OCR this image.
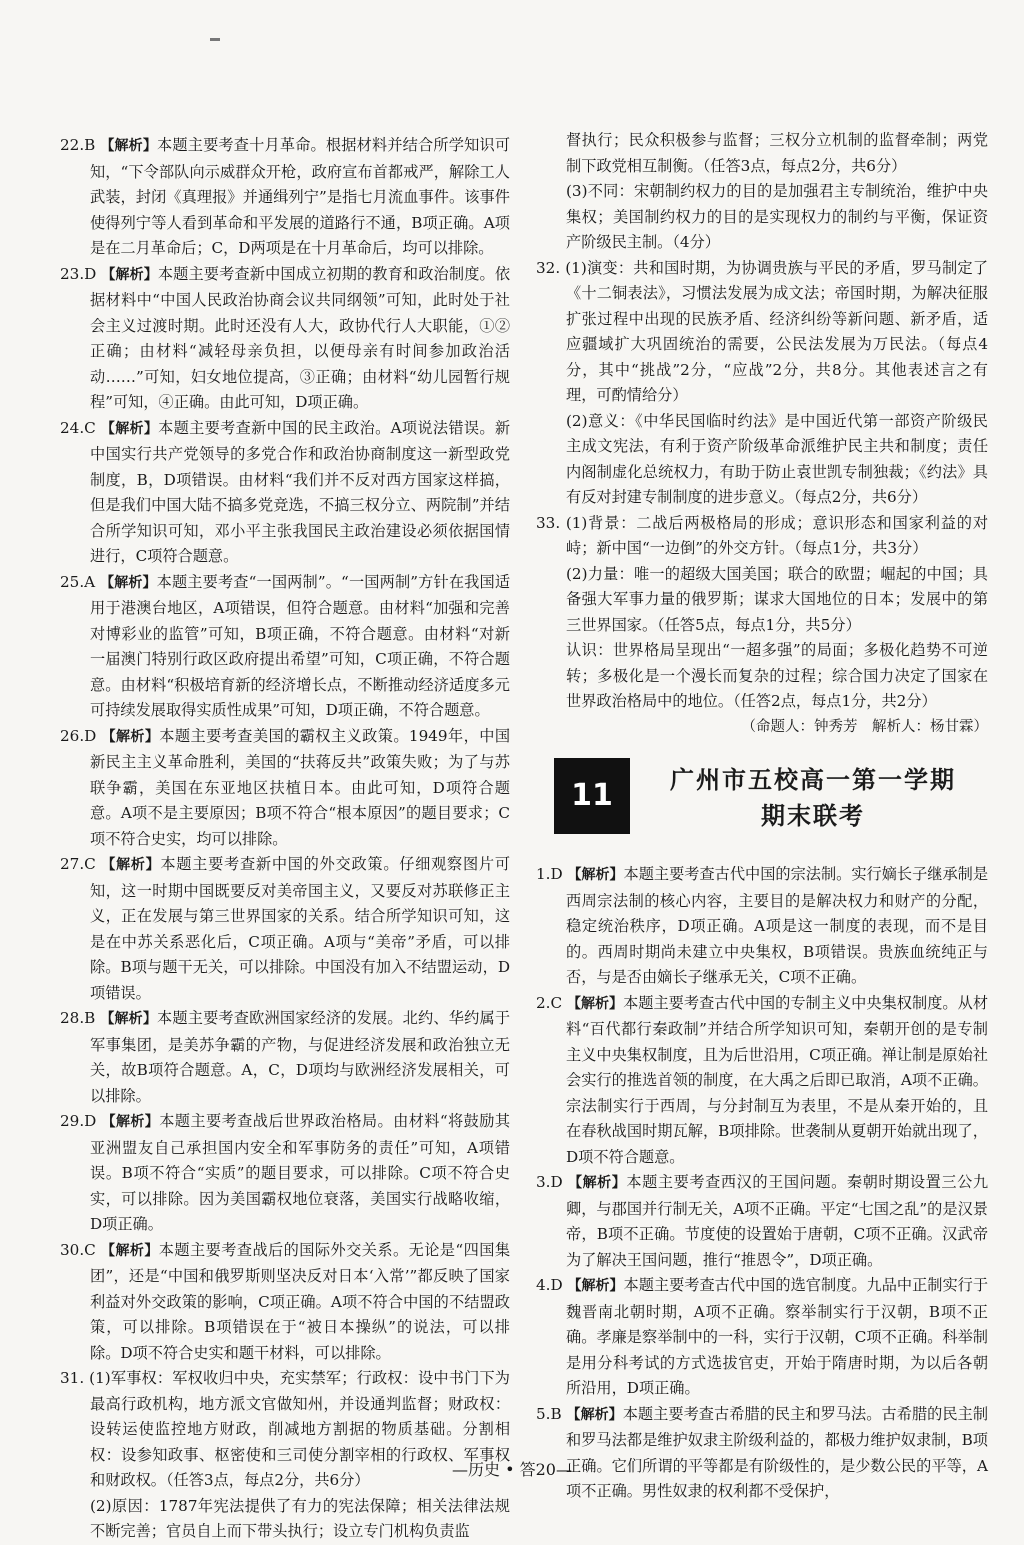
22.B 【解析】本题主要考查十月革命。根据材料并结合所学知识可知，“下令部队向示威群众开枪，政府宣布首都戒严，解除工人武装，封闭《真理报》并通缉列宁”是指七月流血事件。该事件使得列宁等人看到革命和平发展的道路行不通，B项正确。A项是在二月革命后；C，D两项是在十月革命后，均可以排除。

23.D 【解析】本题主要考查新中国成立初期的教育和政治制度。依据材料中“中国人民政治协商会议共同纲领”可知，此时处于社会主义过渡时期。此时还没有人大，政协代行人大职能，①②正确；由材料“减轻母亲负担，以便母亲有时间参加政治活动……”可知，妇女地位提高，③正确；由材料“幼儿园暂行规程”可知，④正确。由此可知，D项正确。

24.C 【解析】本题主要考查新中国的民主政治。A项说法错误。新中国实行共产党领导的多党合作和政治协商制度这一新型政党制度，B，D项错误。由材料“我们并不反对西方国家这样搞，但是我们中国大陆不搞多党竞选，不搞三权分立、两院制”并结合所学知识可知，邓小平主张我国民主政治建设必须依据国情进行，C项符合题意。

25.A 【解析】本题主要考查“一国两制”。“一国两制”方针在我国适用于港澳台地区，A项错误，但符合题意。由材料“加强和完善对博彩业的监管”可知，B项正确，不符合题意。由材料“对新一届澳门特别行政区政府提出希望”可知，C项正确，不符合题意。由材料“积极培育新的经济增长点，不断推动经济适度多元可持续发展取得实质性成果”可知，D项正确，不符合题意。

26.D 【解析】本题主要考查美国的霸权主义政策。1949年，中国新民主主义革命胜利，美国的“扶蒋反共”政策失败；为了与苏联争霸，美国在东亚地区扶植日本。由此可知，D项符合题意。A项不是主要原因；B项不符合“根本原因”的题目要求；C项不符合史实，均可以排除。

27.C 【解析】本题主要考查新中国的外交政策。仔细观察图片可知，这一时期中国既要反对美帝国主义，又要反对苏联修正主义，正在发展与第三世界国家的关系。结合所学知识可知，这是在中苏关系恶化后，C项正确。A项与“美帝”矛盾，可以排除。B项与题干无关，可以排除。中国没有加入不结盟运动，D项错误。

28.B 【解析】本题主要考查欧洲国家经济的发展。北约、华约属于军事集团，是美苏争霸的产物，与促进经济发展和政治独立无关，故B项符合题意。A，C，D项均与欧洲经济发展相关，可以排除。

29.D 【解析】本题主要考查战后世界政治格局。由材料“将鼓励其亚洲盟友自己承担国内安全和军事防务的责任”可知，A项错误。B项不符合“实质”的题目要求，可以排除。C项不符合史实，可以排除。因为美国霸权地位衰落，美国实行战略收缩，D项正确。

30.C 【解析】本题主要考查战后的国际外交关系。无论是“四国集团”，还是“中国和俄罗斯则坚决反对日本‘入常’”都反映了国家利益对外交政策的影响，C项正确。A项不符合中国的不结盟政策，可以排除。B项错误在于“被日本操纵”的说法，可以排除。D项不符合史实和题干材料，可以排除。

31. (1)军事权：军权收归中央，充实禁军；行政权：设中书门下为最高行政机构，地方派文官做知州，并设通判监督；财政权：设转运使监控地方财政，削减地方割据的物质基础。分割相权：设参知政事、枢密使和三司使分割宰相的行政权、军事权和财政权。（任答3点，每点2分，共6分）

(2)原因：1787年宪法提供了有力的宪法保障；相关法律法规不断完善；官员自上而下带头执行；设立专门机构负责监

督执行；民众积极参与监督；三权分立机制的监督牵制；两党制下政党相互制衡。（任答3点，每点2分，共6分）

(3)不同：宋朝制约权力的目的是加强君主专制统治，维护中央集权；美国制约权力的目的是实现权力的制约与平衡，保证资产阶级民主制。（4分）

32. (1)演变：共和国时期，为协调贵族与平民的矛盾，罗马制定了《十二铜表法》，习惯法发展为成文法；帝国时期，为解决征服扩张过程中出现的民族矛盾、经济纠纷等新问题、新矛盾，适应疆域扩大巩固统治的需要，公民法发展为万民法。（每点4分，其中“挑战”2分，“应战”2分，共8分。其他表述言之有理，可酌情给分）

(2)意义：《中华民国临时约法》是中国近代第一部资产阶级民主成文宪法，有利于资产阶级革命派维护民主共和制度；责任内阁制虚化总统权力，有助于防止袁世凯专制独裁；《约法》具有反对封建专制制度的进步意义。（每点2分，共6分）

33. (1)背景：二战后两极格局的形成；意识形态和国家利益的对峙；新中国“一边倒”的外交方针。（每点1分，共3分）

(2)力量：唯一的超级大国美国；联合的欧盟；崛起的中国；具备强大军事力量的俄罗斯；谋求大国地位的日本；发展中的第三世界国家。（任答5点，每点1分，共5分）

认识：世界格局呈现出“一超多强”的局面；多极化趋势不可逆转；多极化是一个漫长而复杂的过程；综合国力决定了国家在世界政治格局中的地位。（任答2点，每点1分，共2分）

（命题人：钟秀芳　解析人：杨甘霖）

11	广州市五校高一第一学期
期末联考

1.D 【解析】本题主要考查古代中国的宗法制。实行嫡长子继承制是西周宗法制的核心内容，主要目的是解决权力和财产的分配，稳定统治秩序，D项正确。A项是这一制度的表现，而不是目的。西周时期尚未建立中央集权，B项错误。贵族血统纯正与否，与是否由嫡长子继承无关，C项不正确。

2.C 【解析】本题主要考查古代中国的专制主义中央集权制度。从材料“百代都行秦政制”并结合所学知识可知，秦朝开创的是专制主义中央集权制度，且为后世沿用，C项正确。禅让制是原始社会实行的推选首领的制度，在大禹之后即已取消，A项不正确。宗法制实行于西周，与分封制互为表里，不是从秦开始的，且在春秋战国时期瓦解，B项排除。世袭制从夏朝开始就出现了，D项不符合题意。

3.D 【解析】本题主要考查西汉的王国问题。秦朝时期设置三公九卿，与郡国并行制无关，A项不正确。平定“七国之乱”的是汉景帝，B项不正确。节度使的设置始于唐朝，C项不正确。汉武帝为了解决王国问题，推行“推恩令”，D项正确。

4.D 【解析】本题主要考查古代中国的选官制度。九品中正制实行于魏晋南北朝时期，A项不正确。察举制实行于汉朝，B项不正确。孝廉是察举制中的一科，实行于汉朝，C项不正确。科举制是用分科考试的方式选拔官吏，开始于隋唐时期，为以后各朝所沿用，D项正确。

5.B 【解析】本题主要考查古希腊的民主和罗马法。古希腊的民主制和罗马法都是维护奴隶主阶级利益的，都极力维护奴隶制，B项正确。它们所谓的平等都是有阶级性的，是少数公民的平等，A项不正确。男性奴隶的权利都不受保护，

—历史 • 答20—
